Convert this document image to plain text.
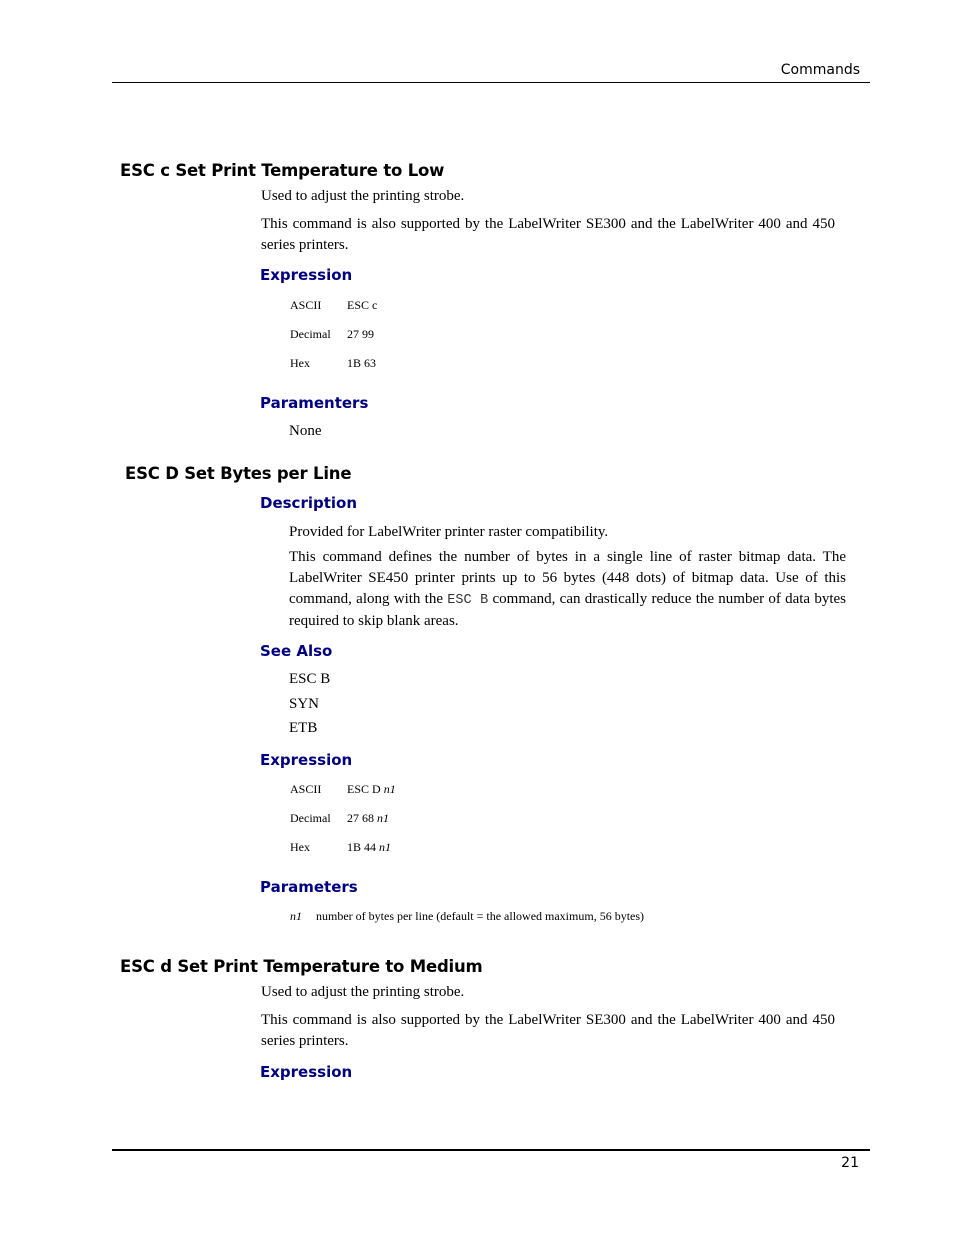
Commands
ESC c Set Print Temperature to Low
Used to adjust the printing strobe.
This command is also supported by the LabelWriter SE300 and the LabelWriter 400 and 450 series printers.
Expression
ASCII ESC c
Decimal 27 99
Hex	1B 63
Paramenters
None
ESC D Set Bytes per Line
Description
Provided for LabelWriter printer raster compatibility.
This command defines the number of bytes in a single line of raster bitmap data. The LabelWriter SE450 printer prints up to 56 bytes (448 dots) of bitmap data. Use of this command, along with the ESC B command, can drastically reduce the number of data bytes required to skip blank areas.
See Also
ESC B
SYN
ETB
Expression
ASCII ESC D n1
Decimal 27 68 n1
Hex	1B 44 n1
Parameters
n1 number of bytes per line (default = the allowed maximum, 56 bytes)
ESC d Set Print Temperature to Medium
Used to adjust the printing strobe.
This command is also supported by the LabelWriter SE300 and the LabelWriter 400 and 450 series printers.
Expression
21
